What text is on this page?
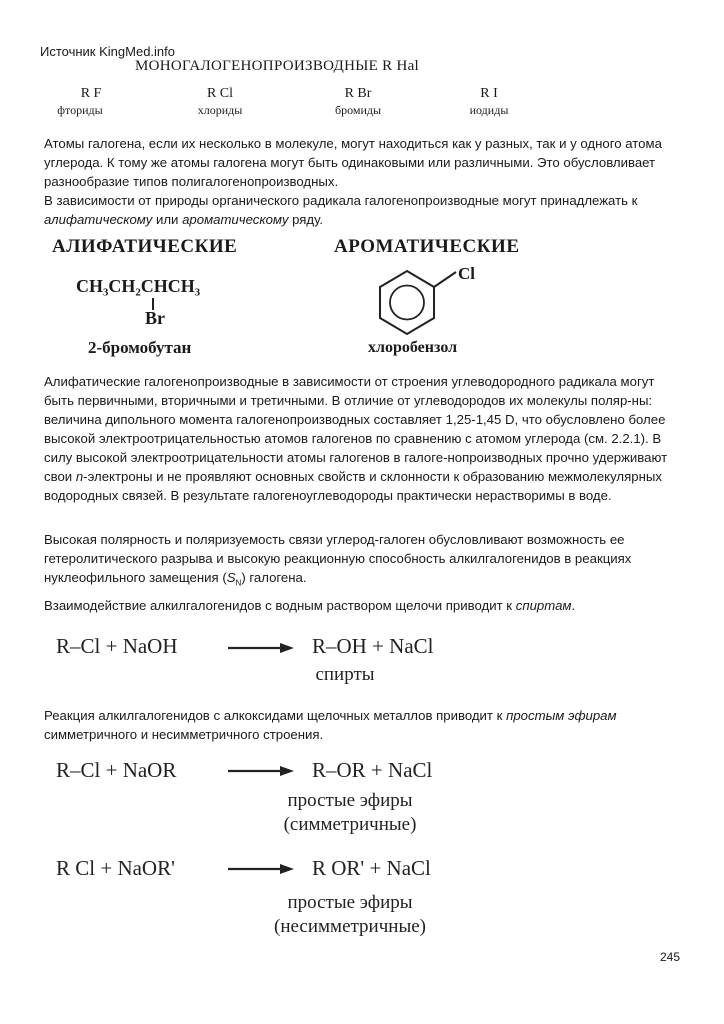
Источник KingMed.info
МОНОГАЛОГЕНОПРОИЗВОДНЫЕ R Hal
R F
фториды
R Cl
хлориды
R Br
бромиды
R I
иодиды

Атомы галогена, если их несколько в молекуле, могут находиться как у разных, так и у одного атома углерода. К тому же атомы галогена могут быть одинаковыми или различными. Это обусловливает разнообразие типов полигалогенопроизводных.

В зависимости от природы органического радикала галогенопроизводные могут принадлежать к алифатическому или ароматическому ряду.

АЛИФАТИЧЕСКИЕ	АРОМАТИЧЕСКИЕ
CH₃CH₂CHCH₃
Br
2-бромобутан
Cl
хлоробензол

Алифатические галогенопроизводные в зависимости от строения углеводородного радикала могут быть первичными, вторичными и третичными. В отличие от углеводородов их молекулы поляр-ны: величина дипольного момента галогенопроизводных составляет 1,25-1,45 D, что обусловлено более высокой электроотрицательностью атомов галогенов по сравнению с атомом углерода (см. 2.2.1). В силу высокой электроотрицательности атомы галогенов в галоге-нопроизводных прочно удерживают свои n-электроны и не проявляют основных свойств и склонности к образованию межмолекулярных водородных связей. В результате галогеноуглеводороды практически нерастворимы в воде.

Высокая полярность и поляризуемость связи углерод-галоген обусловливают возможность ее гетеролитического разрыва и высокую реакционную способность алкилгалогенидов в реакциях нуклеофильного замещения $(S_N)$ галогена.

Взаимодействие алкилгалогенидов с водным раствором щелочи приводит к спиртам.

R–Cl + NaOH	R–OH + NaCl
спирты

Реакция алкилгалогенидов с алкоксидами щелочных металлов приводит к простым эфирам симметричного и несимметричного строения.

R–Cl + NaOR	R–OR + NaCl
простые эфиры
(симметричные)
R Cl + NaOR'	R OR' + NaCl
простые эфиры
(несимметричные)
245
